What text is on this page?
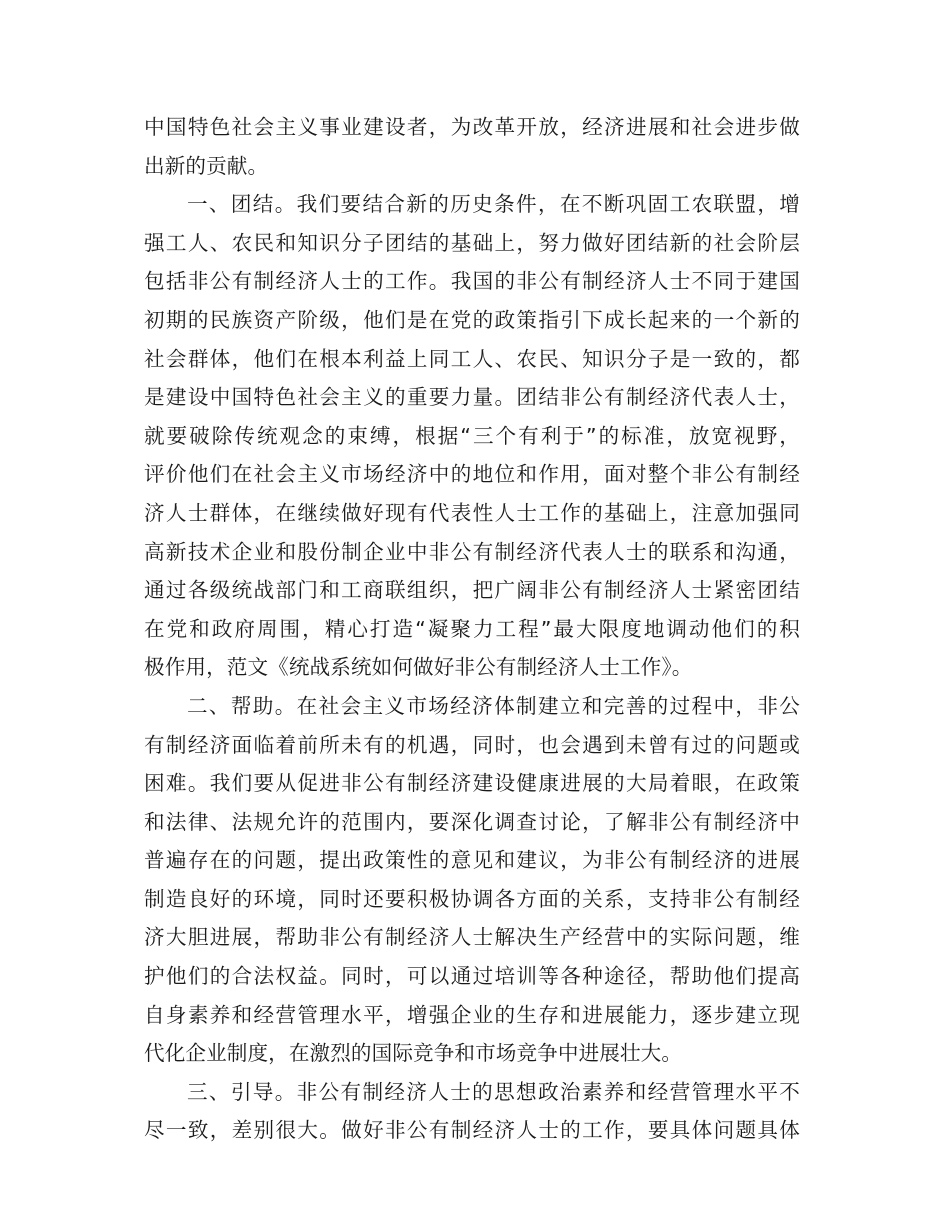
中国特色社会主义事业建设者，为改革开放，经济进展和社会进步做
出新的贡献。
一、团结。我们要结合新的历史条件，在不断巩固工农联盟，增
强工人、农民和知识分子团结的基础上，努力做好团结新的社会阶层
包括非公有制经济人士的工作。我国的非公有制经济人士不同于建国
初期的民族资产阶级，他们是在党的政策指引下成长起来的一个新的
社会群体，他们在根本利益上同工人、农民、知识分子是一致的，都
是建设中国特色社会主义的重要力量。团结非公有制经济代表人士，
就要破除传统观念的束缚，根据“三个有利于”的标准，放宽视野，
评价他们在社会主义市场经济中的地位和作用，面对整个非公有制经
济人士群体，在继续做好现有代表性人士工作的基础上，注意加强同
高新技术企业和股份制企业中非公有制经济代表人士的联系和沟通，
通过各级统战部门和工商联组织，把广阔非公有制经济人士紧密团结
在党和政府周围，精心打造“凝聚力工程”最大限度地调动他们的积
极作用，范文《统战系统如何做好非公有制经济人士工作》。
二、帮助。在社会主义市场经济体制建立和完善的过程中，非公
有制经济面临着前所未有的机遇，同时，也会遇到未曾有过的问题或
困难。我们要从促进非公有制经济建设健康进展的大局着眼，在政策
和法律、法规允许的范围内，要深化调查讨论，了解非公有制经济中
普遍存在的问题，提出政策性的意见和建议，为非公有制经济的进展
制造良好的环境，同时还要积极协调各方面的关系，支持非公有制经
济大胆进展，帮助非公有制经济人士解决生产经营中的实际问题，维
护他们的合法权益。同时，可以通过培训等各种途径，帮助他们提高
自身素养和经营管理水平，增强企业的生存和进展能力，逐步建立现
代化企业制度，在激烈的国际竞争和市场竞争中进展壮大。
三、引导。非公有制经济人士的思想政治素养和经营管理水平不
尽一致，差别很大。做好非公有制经济人士的工作，要具体问题具体
